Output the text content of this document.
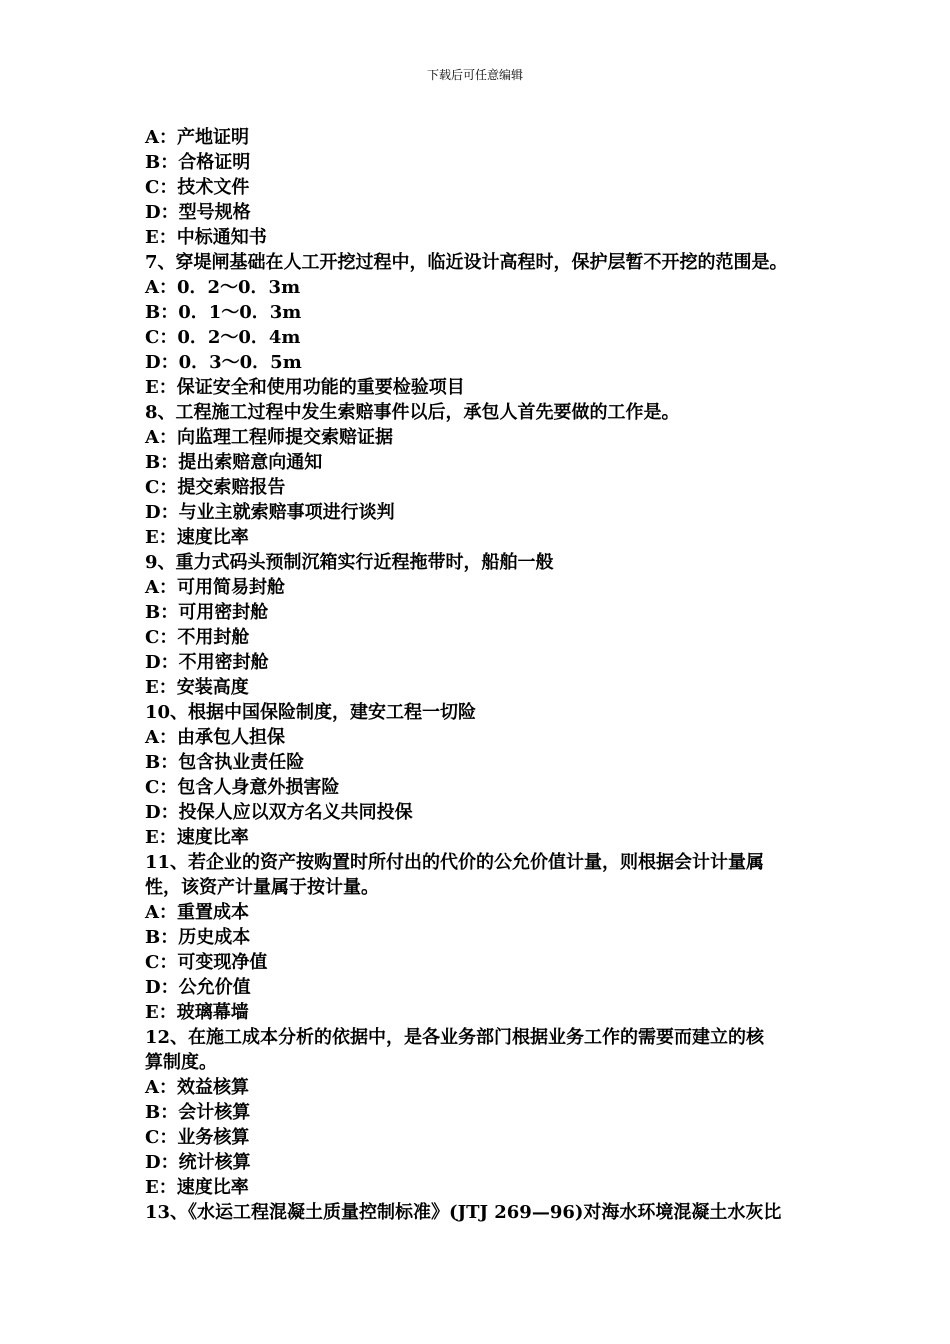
下载后可任意编辑
A：产地证明
B：合格证明
C：技术文件
D：型号规格
E：中标通知书
7、穿堤闸基础在人工开挖过程中，临近设计高程时，保护层暂不开挖的范围是。
A：0．2～0．3m
B：0．1～0．3m
C：0．2～0．4m
D：0．3～0．5m
E：保证安全和使用功能的重要检验项目
8、工程施工过程中发生索赔事件以后，承包人首先要做的工作是。
A：向监理工程师提交索赔证据
B：提出索赔意向通知
C：提交索赔报告
D：与业主就索赔事项进行谈判
E：速度比率
9、重力式码头预制沉箱实行近程拖带时，船舶一般
A：可用简易封舱
B：可用密封舱
C：不用封舱
D：不用密封舱
E：安装高度
10、根据中国保险制度，建安工程一切险
A：由承包人担保
B：包含执业责任险
C：包含人身意外损害险
D：投保人应以双方名义共同投保
E：速度比率
11、若企业的资产按购置时所付出的代价的公允价值计量，则根据会计计量属
性，该资产计量属于按计量。
A：重置成本
B：历史成本
C：可变现净值
D：公允价值
E：玻璃幕墙
12、在施工成本分析的依据中，是各业务部门根据业务工作的需要而建立的核
算制度。
A：效益核算
B：会计核算
C：业务核算
D：统计核算
E：速度比率
13、《水运工程混凝土质量控制标准》(JTJ 269—96)对海水环境混凝土水灰比
